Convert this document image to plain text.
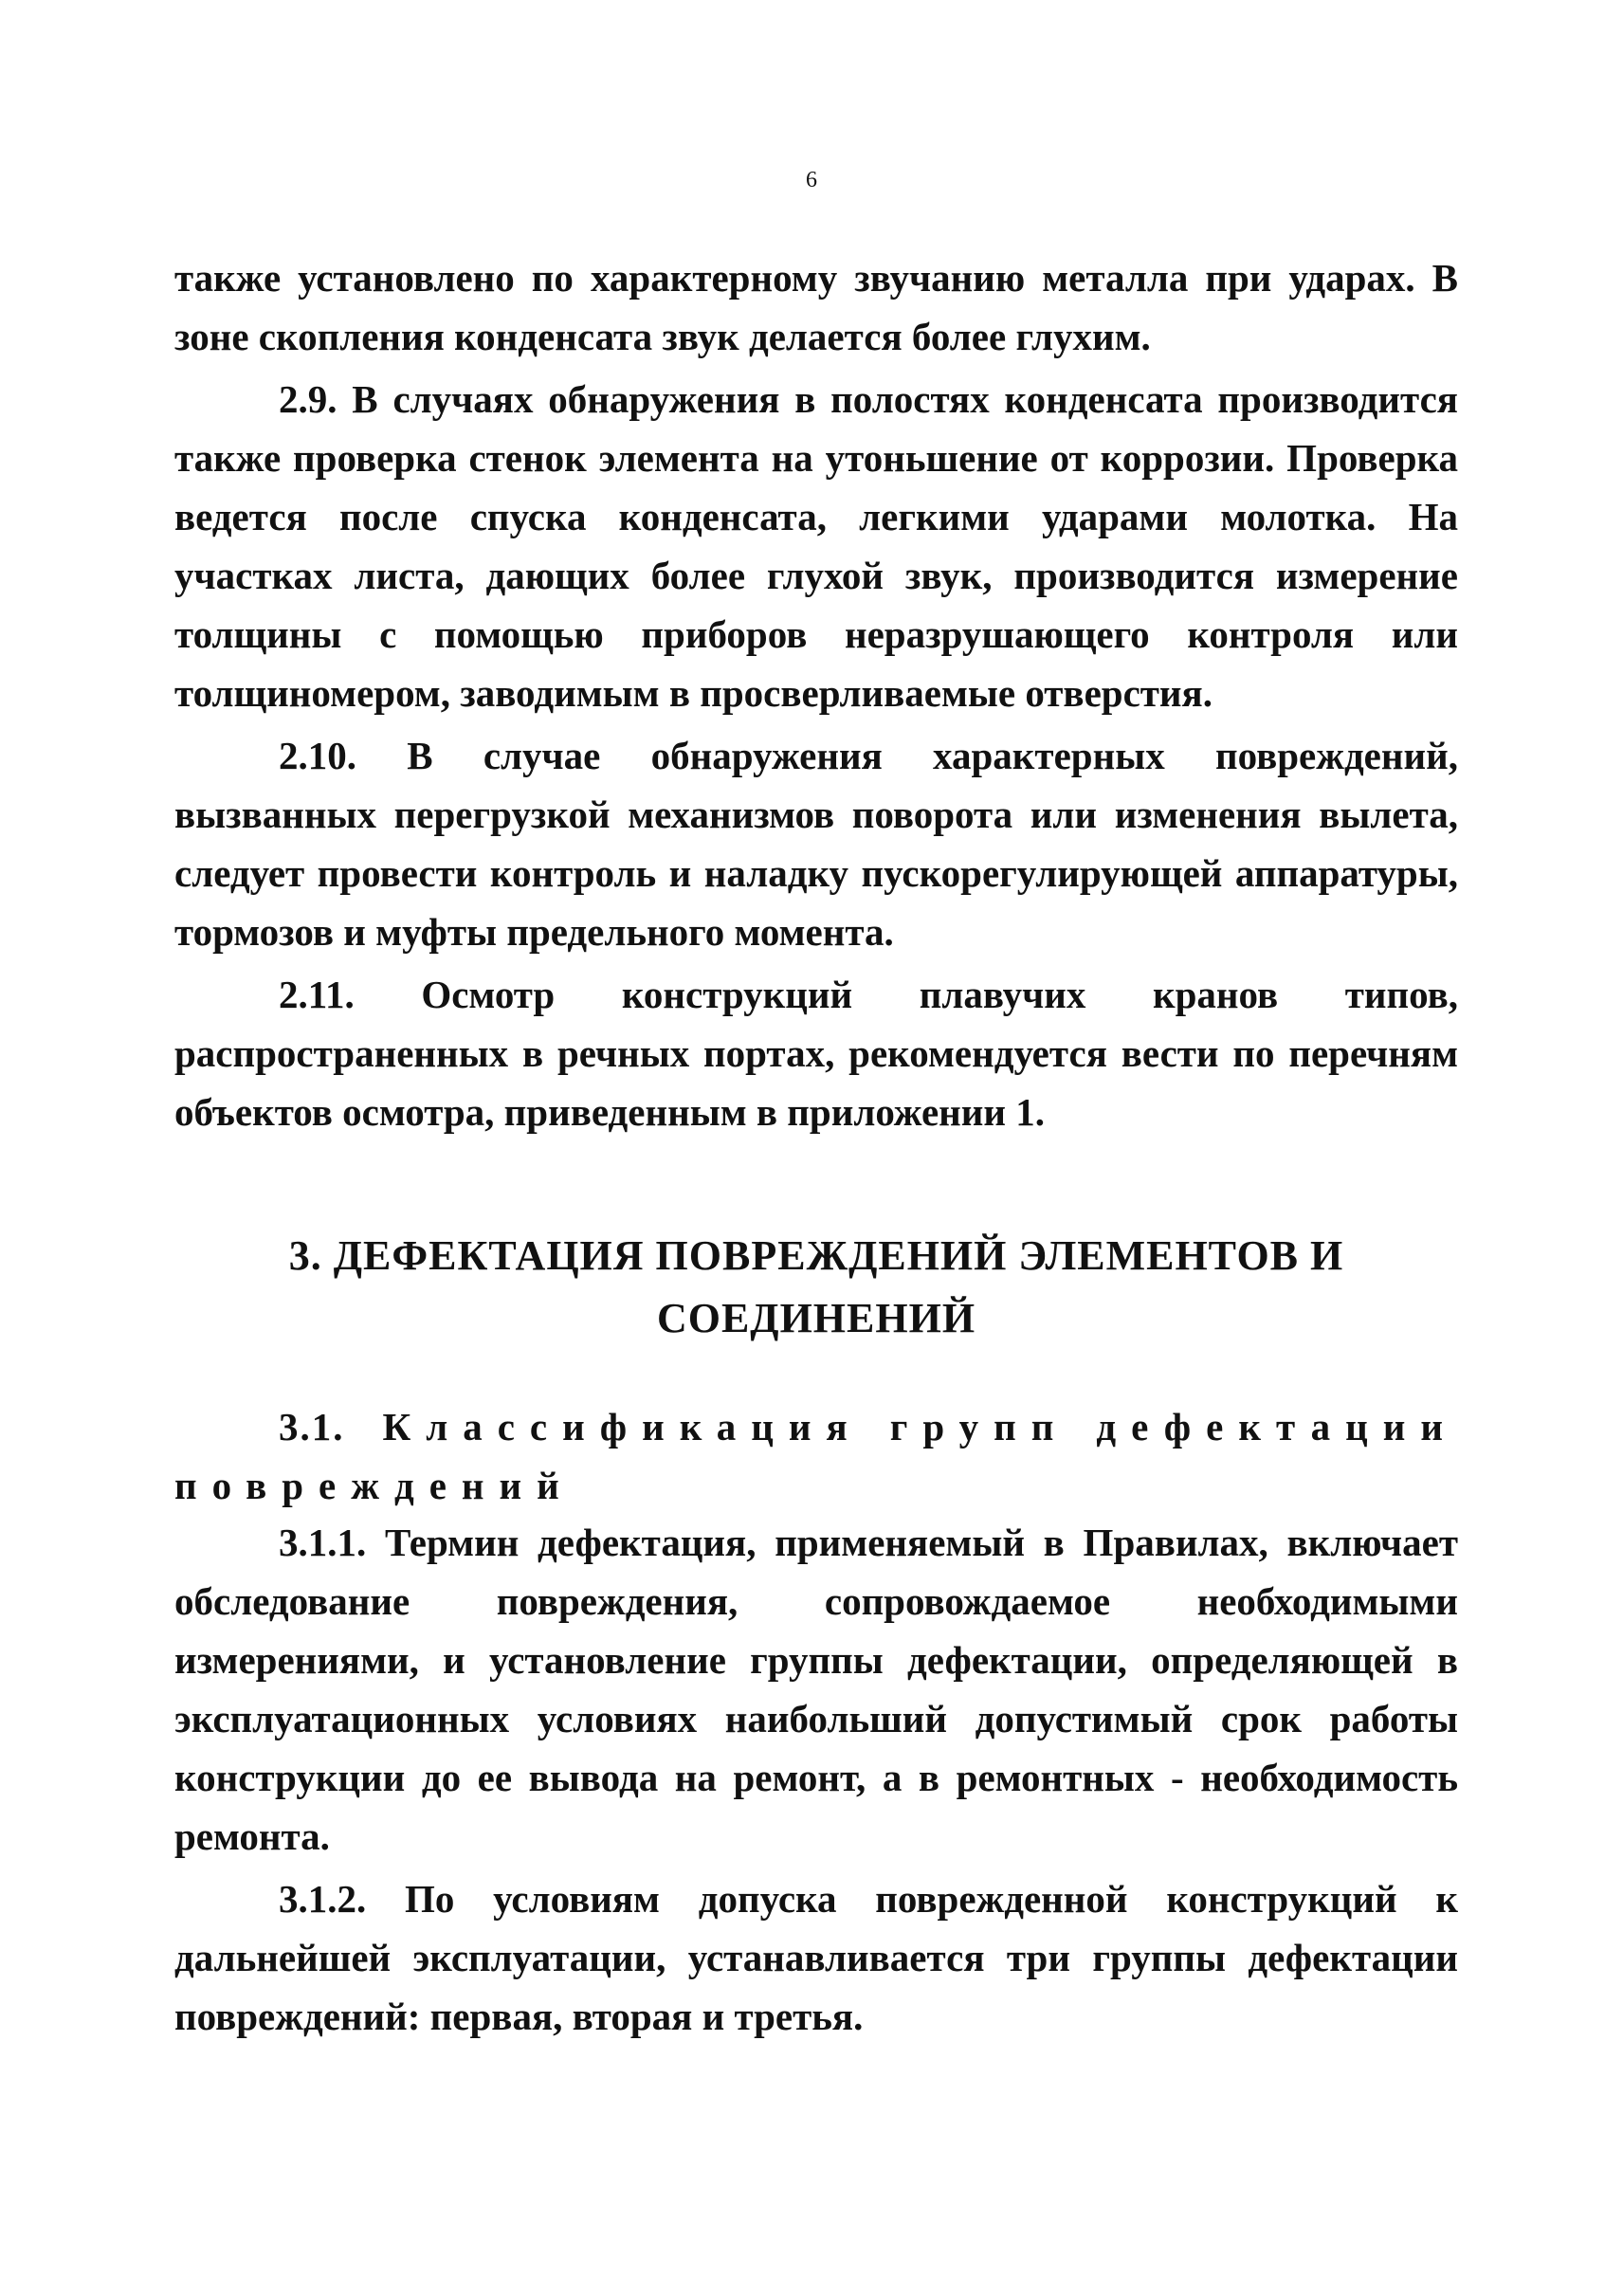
6

также установлено по характерному звучанию металла при ударах. В зоне скопления конденсата звук делается более глухим.

2.9. В случаях обнаружения в полостях конденсата производится также проверка стенок элемента на утоньшение от коррозии. Проверка ведется после спуска конденсата, легкими ударами молотка. На участках листа, дающих более глухой звук, производится измерение толщины с помощью приборов неразрушающего контроля или толщиномером, заводимым в просверливаемые отверстия.

2.10. В случае обнаружения характерных повреждений, вызванных перегрузкой механизмов поворота или изменения вылета, следует провести контроль и наладку пускорегулирующей аппаратуры, тормозов и муфты предельного момента.

2.11. Осмотр конструкций плавучих кранов типов, распространенных в речных портах, рекомендуется вести по перечням объектов осмотра, приведенным в приложении 1.

3. ДЕФЕКТАЦИЯ ПОВРЕЖДЕНИЙ ЭЛЕМЕНТОВ И
СОЕДИНЕНИЙ
3.1. Классификация групп дефектации повреждений

3.1.1. Термин дефектация, применяемый в Правилах, включает обследование повреждения, сопровождаемое необходимыми измерениями, и установление группы дефектации, определяющей в эксплуатационных условиях наибольший допустимый срок работы конструкции до ее вывода на ремонт, а в ремонтных - необходимость ремонта.

3.1.2. По условиям допуска поврежденной конструкций к дальнейшей эксплуатации, устанавливается три группы дефектации повреждений: первая, вторая и третья.
